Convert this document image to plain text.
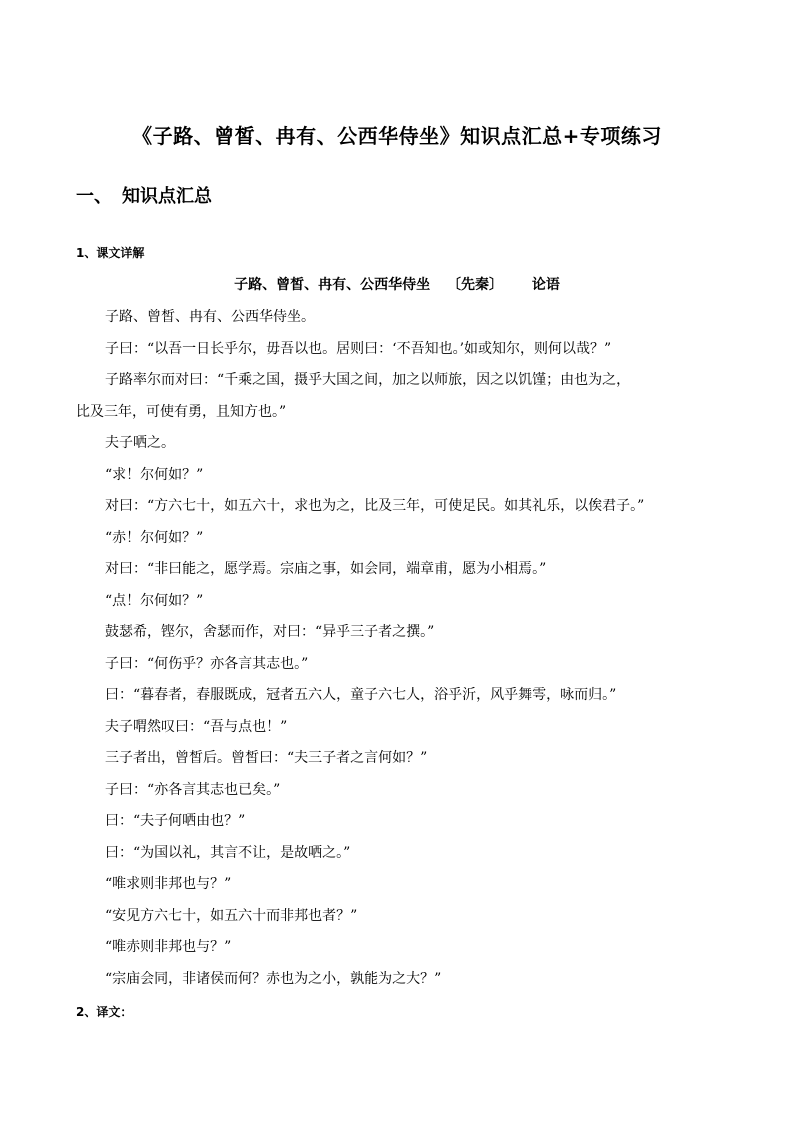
《子路、曾皙、冉有、公西华侍坐》知识点汇总+专项练习
一、 知识点汇总
1、课文详解
子路、曾皙、冉有、公西华侍坐 〔先秦〕 论语
子路、曾皙、冉有、公西华侍坐。
子曰：“以吾一日长乎尔，毋吾以也。居则曰：‘不吾知也。’如或知尔，则何以哉？”
子路率尔而对曰：“千乘之国，摄乎大国之间，加之以师旅，因之以饥馑；由也为之，
比及三年，可使有勇，且知方也。”
夫子哂之。
“求！尔何如？”
对曰：“方六七十，如五六十，求也为之，比及三年，可使足民。如其礼乐，以俟君子。”
“赤！尔何如？”
对曰：“非曰能之，愿学焉。宗庙之事，如会同，端章甫，愿为小相焉。”
“点！尔何如？”
鼓瑟希，铿尔，舍瑟而作，对曰：“异乎三子者之撰。”
子曰：“何伤乎？亦各言其志也。”
曰：“暮春者，春服既成，冠者五六人，童子六七人，浴乎沂，风乎舞雩，咏而归。”
夫子喟然叹曰：“吾与点也！”
三子者出，曾皙后。曾皙曰：“夫三子者之言何如？”
子曰：“亦各言其志也已矣。”
曰：“夫子何哂由也？”
曰：“为国以礼，其言不让，是故哂之。”
“唯求则非邦也与？”
“安见方六七十，如五六十而非邦也者？”
“唯赤则非邦也与？”
“宗庙会同，非诸侯而何？赤也为之小，孰能为之大？”
2、译文：
